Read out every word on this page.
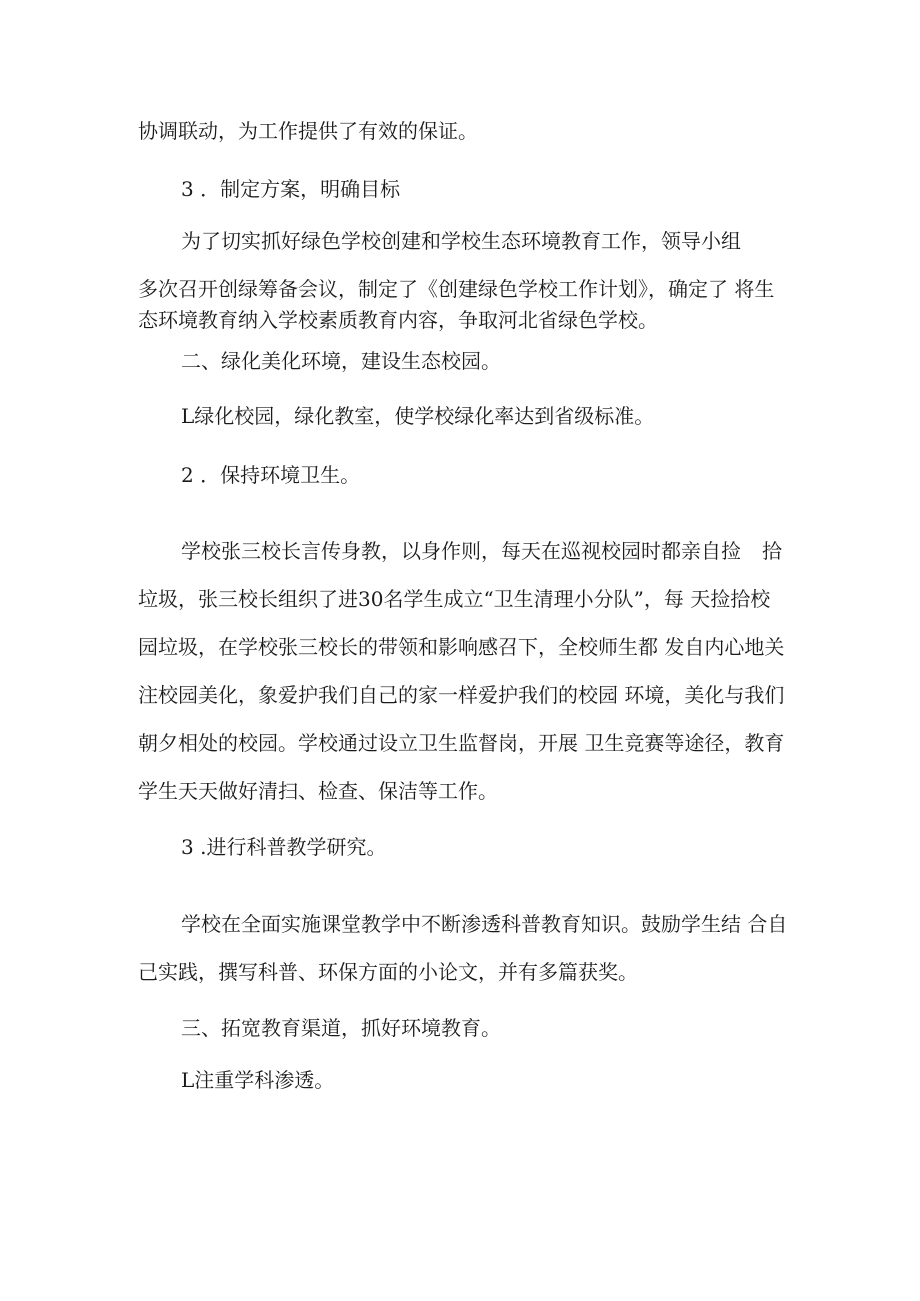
协调联动，为工作提供了有效的保证。
3 ．制定方案，明确目标
为了切实抓好绿色学校创建和学校生态环境教育工作，领导小组
多次召开创绿筹备会议，制定了《创建绿色学校工作计划》，确定了 将生
态环境教育纳入学校素质教育内容，争取河北省绿色学校。
二、绿化美化环境，建设生态校园。
L绿化校园，绿化教室，使学校绿化率达到省级标准。
2 ．保持环境卫生。
学校张三校长言传身教，以身作则，每天在巡视校园时都亲自捡 拾
垃圾，张三校长组织了进30名学生成立“卫生清理小分队”，每 天捡拾校
园垃圾，在学校张三校长的带领和影响感召下，全校师生都 发自内心地关
注校园美化，象爱护我们自己的家一样爱护我们的校园 环境，美化与我们
朝夕相处的校园。学校通过设立卫生监督岗，开展 卫生竞赛等途径，教育
学生天天做好清扫、检查、保洁等工作。
3 .进行科普教学研究。
学校在全面实施课堂教学中不断渗透科普教育知识。鼓励学生结 合自
己实践，撰写科普、环保方面的小论文，并有多篇获奖。
三、拓宽教育渠道，抓好环境教育。
L注重学科渗透。
